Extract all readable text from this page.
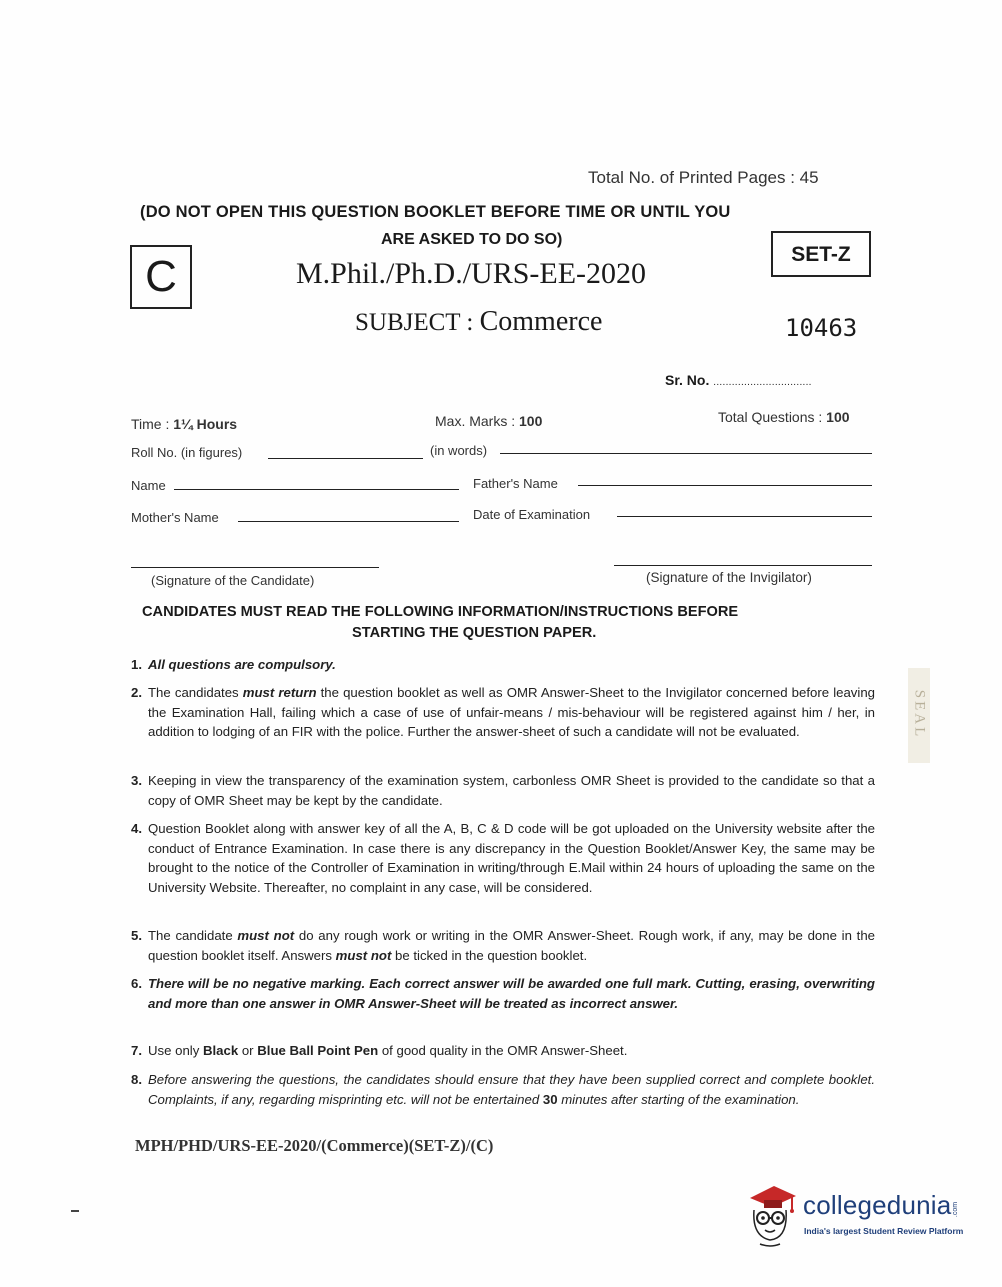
Total No. of Printed Pages : 45
(DO NOT OPEN THIS QUESTION BOOKLET BEFORE TIME OR UNTIL YOU
ARE ASKED TO DO SO)
C	SET-Z
M.Phil./Ph.D./URS-EE-2020
SUBJECT : Commerce	10463
Sr. No. ................................
Time : 1¼ Hours	Max. Marks : 100	Total Questions : 100
Roll No. (in figures)	(in words)
Name	Father's Name
Mother's Name	Date of Examination
(Signature of the Candidate)	(Signature of the Invigilator)
CANDIDATES MUST READ THE FOLLOWING INFORMATION/INSTRUCTIONS BEFORE
STARTING THE QUESTION PAPER.
1. All questions are compulsory.
2. The candidates must return the question booklet as well as OMR Answer-Sheet to the Invigilator concerned before leaving the Examination Hall, failing which a case of use of unfair-means / mis-behaviour will be registered against him / her, in addition to lodging of an FIR with the police. Further the answer-sheet of such a candidate will not be evaluated.
3. Keeping in view the transparency of the examination system, carbonless OMR Sheet is provided to the candidate so that a copy of OMR Sheet may be kept by the candidate.
4. Question Booklet along with answer key of all the A, B, C & D code will be got uploaded on the University website after the conduct of Entrance Examination. In case there is any discrepancy in the Question Booklet/Answer Key, the same may be brought to the notice of the Controller of Examination in writing/through E.Mail within 24 hours of uploading the same on the University Website. Thereafter, no complaint in any case, will be considered.
5. The candidate must not do any rough work or writing in the OMR Answer-Sheet. Rough work, if any, may be done in the question booklet itself. Answers must not be ticked in the question booklet.
6. There will be no negative marking. Each correct answer will be awarded one full mark. Cutting, erasing, overwriting and more than one answer in OMR Answer-Sheet will be treated as incorrect answer.
7. Use only Black or Blue Ball Point Pen of good quality in the OMR Answer-Sheet.
8. Before answering the questions, the candidates should ensure that they have been supplied correct and complete booklet. Complaints, if any, regarding misprinting etc. will not be entertained 30 minutes after starting of the examination.
MPH/PHD/URS-EE-2020/(Commerce)(SET-Z)/(C)
SEAL
collegedunia .com
India's largest Student Review Platform
